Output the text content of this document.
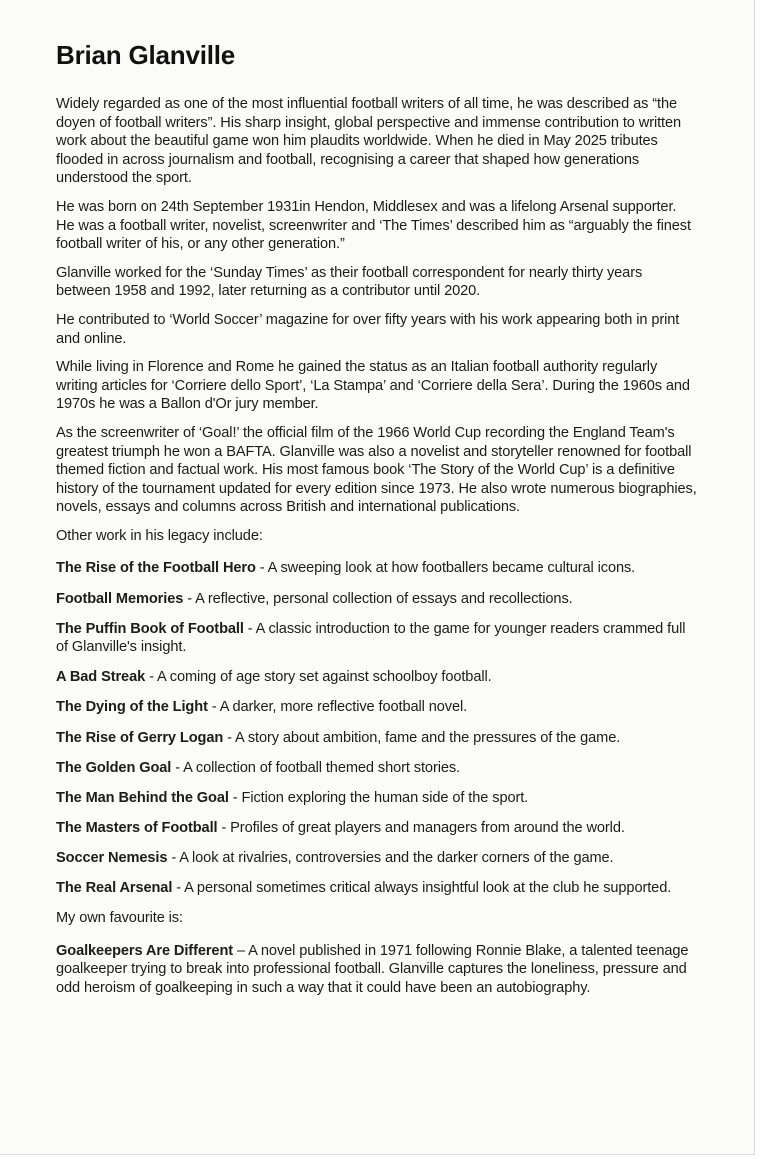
Brian Glanville

Widely regarded as one of the most influential football writers of all time, he was described as “the doyen of football writers”. His sharp insight, global perspective and immense contribution to written work about the beautiful game won him plaudits worldwide. When he died in May 2025 tributes flooded in across journalism and football, recognising a career that shaped how generations understood the sport.

He was born on 24th September 1931in Hendon, Middlesex and was a lifelong Arsenal supporter. He was a football writer, novelist, screenwriter and ‘The Times’ described him as “arguably the finest football writer of his, or any other generation.”

Glanville worked for the ‘Sunday Times’ as their football correspondent for nearly thirty years between 1958 and 1992, later returning as a contributor until 2020.

He contributed to ‘World Soccer’ magazine for over fifty years with his work appearing both in print and online.

While living in Florence and Rome he gained the status as an Italian football authority regularly writing articles for ‘Corriere dello Sport’, ‘La Stampa’ and ‘Corriere della Sera’. During the 1960s and 1970s he was a Ballon d'Or jury member.

As the screenwriter of ‘Goal!’ the official film of the 1966 World Cup recording the England Team's greatest triumph he won a BAFTA. Glanville was also a novelist and storyteller renowned for football themed fiction and factual work. His most famous book ‘The Story of the World Cup’ is a definitive history of the tournament updated for every edition since 1973. He also wrote numerous biographies, novels, essays and columns across British and international publications.

Other work in his legacy include:

The Rise of the Football Hero - A sweeping look at how footballers became cultural icons.
Football Memories - A reflective, personal collection of essays and recollections.
The Puffin Book of Football - A classic introduction to the game for younger readers crammed full of Glanville's insight.
A Bad Streak - A coming of age story set against schoolboy football.
The Dying of the Light - A darker, more reflective football novel.
The Rise of Gerry Logan - A story about ambition, fame and the pressures of the game.
The Golden Goal - A collection of football themed short stories.
The Man Behind the Goal - Fiction exploring the human side of the sport.
The Masters of Football - Profiles of great players and managers from around the world.
Soccer Nemesis - A look at rivalries, controversies and the darker corners of the game.
The Real Arsenal - A personal sometimes critical always insightful look at the club he supported.

My own favourite is:

Goalkeepers Are Different – A novel published in 1971 following Ronnie Blake, a talented teenage goalkeeper trying to break into professional football. Glanville captures the loneliness, pressure and odd heroism of goalkeeping in such a way that it could have been an autobiography.
